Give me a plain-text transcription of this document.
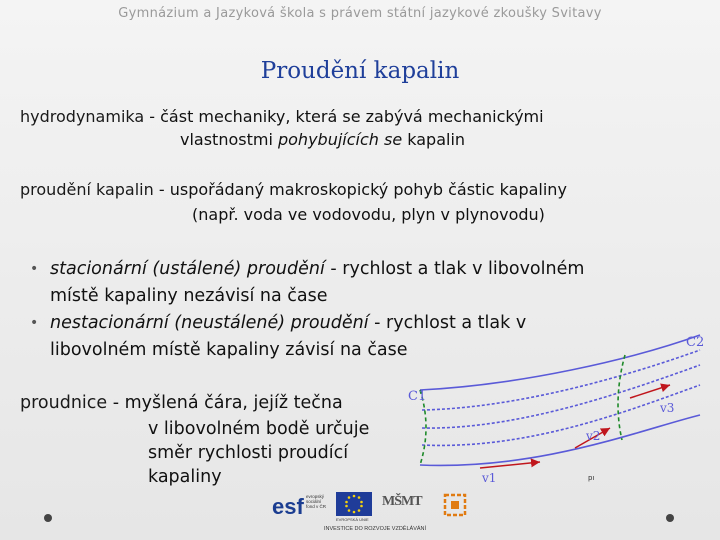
Gymnázium a Jazyková škola s právem státní jazykové zkoušky Svitavy
Proudění kapalin
hydrodynamika - část mechaniky, která se zabývá mechanickými
vlastnostmi pohybujících se kapalin
proudění kapalin - uspořádaný makroskopický pohyb částic kapaliny
(např. voda ve vodovodu, plyn v plynovodu)
• stacionární (ustálené) proudění - rychlost a tlak v libovolném
místě kapaliny nezávisí na čase
• nestacionární (neustálené) proudění - rychlost a tlak v
libovolném místě kapaliny závisí na čase
proudnice - myšlená čára, jejíž tečna
v libovolném bodě určuje
směr rychlosti proudící
kapaliny
C1
C2
v1
v2
v3
pı
esf evropský
sociální
fond v ČR
EVROPSKÁ UNIE
MŠMT
INVESTICE DO ROZVOJE VZDĚLÁVÁNÍ
